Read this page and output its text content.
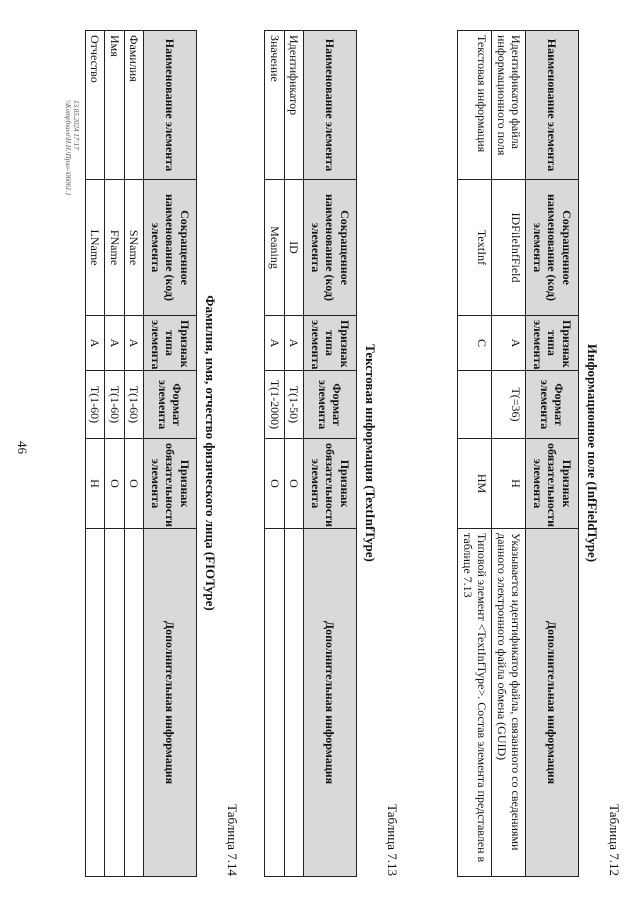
46
Таблица 7.12
Информационное поле (InfFieldType)
Наименование элемента	Сокращенное наименование (код) элемента	Признак типа элемента	Формат элемента	Признак обязательности элемента	Дополнительная информация
Идентификатор файла информационного поля	IDFileInfField	А	T(=36)	Н	Указывается идентификатор файла, связанного со сведениями данного электронного файла обмена (GUID)
Текстовая информация	TextInf	С		НМ	Типовой элемент <TextInfType>. Состав элемента представлен в таблице 7.13
Таблица 7.13
Текстовая информация (TextInfType)
Наименование элемента	Сокращенное наименование (код) элемента	Признак типа элемента	Формат элемента	Признак обязательности элемента	Дополнительная информация
Идентификатор	ID	А	T(1-50)	О	
Значение	Meaning	А	T(1-2000)	О	
Таблица 7.14
Фамилия, имя, отчество физического лица (FIOType)
Наименование элемента	Сокращенное наименование (код) элемента	Признак типа элемента	Формат элемента	Признак обязательности элемента	Дополнительная информация
Фамилия	SName	А	T(1-60)	О	
Имя	FName	А	T(1-60)	О	
Отчество	LName	А	T(1-60)	Н	
13.05.2024 17:17
\\Kompfnavo\Н.Н.\Прил-\06061.1
